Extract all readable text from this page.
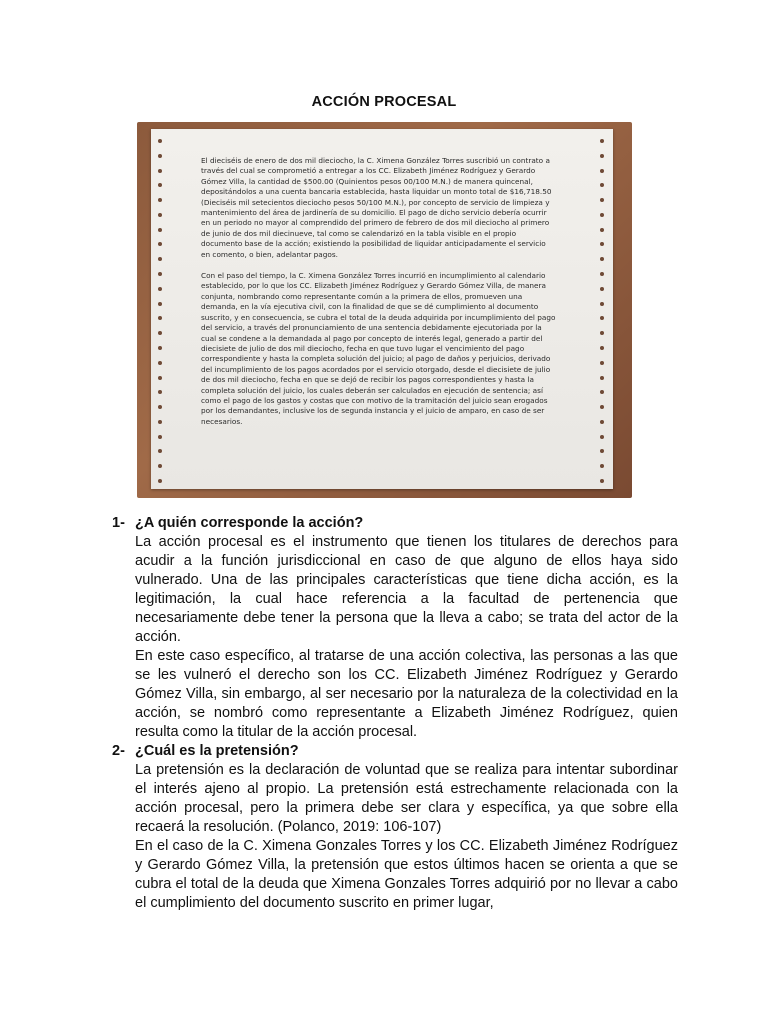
ACCIÓN PROCESAL

El dieciséis de enero de dos mil dieciocho, la C. Ximena González Torres suscribió un contrato a través del cual se comprometió a entregar a los CC. Elizabeth Jiménez Rodríguez y Gerardo Gómez Villa, la cantidad de $500.00 (Quinientos pesos 00/100 M.N.) de manera quincenal, depositándolos a una cuenta bancaria establecida, hasta liquidar un monto total de $16,718.50 (Dieciséis mil setecientos dieciocho pesos 50/100 M.N.), por concepto de servicio de limpieza y mantenimiento del área de jardinería de su domicilio. El pago de dicho servicio debería ocurrir en un periodo no mayor al comprendido del primero de febrero de dos mil dieciocho al primero de junio de dos mil diecinueve, tal como se calendarizó en la tabla visible en el propio documento base de la acción; existiendo la posibilidad de liquidar anticipadamente el servicio en comento, o bien, adelantar pagos.

Con el paso del tiempo, la C. Ximena González Torres incurrió en incumplimiento al calendario establecido, por lo que los CC. Elizabeth Jiménez Rodríguez y Gerardo Gómez Villa, de manera conjunta, nombrando como representante común a la primera de ellos, promueven una demanda, en la vía ejecutiva civil, con la finalidad de que se dé cumplimiento al documento suscrito, y en consecuencia, se cubra el total de la deuda adquirida por incumplimiento del pago del servicio, a través del pronunciamiento de una sentencia debidamente ejecutoriada por la cual se condene a la demandada al pago por concepto de interés legal, generado a partir del diecisiete de julio de dos mil dieciocho, fecha en que tuvo lugar el vencimiento del pago correspondiente y hasta la completa solución del juicio; al pago de daños y perjuicios, derivado del incumplimiento de los pagos acordados por el servicio otorgado, desde el diecisiete de julio de dos mil dieciocho, fecha en que se dejó de recibir los pagos correspondientes y hasta la completa solución del juicio, los cuales deberán ser calculados en ejecución de sentencia; así como el pago de los gastos y costas que con motivo de la tramitación del juicio sean erogados por los demandantes, inclusive los de segunda instancia y el juicio de amparo, en caso de ser necesarios.

1- ¿A quién corresponde la acción?

La acción procesal es el instrumento que tienen los titulares de derechos para acudir a la función jurisdiccional en caso de que alguno de ellos haya sido vulnerado. Una de las principales características que tiene dicha acción, es la legitimación, la cual hace referencia a la facultad de pertenencia que necesariamente debe tener la persona que la lleva a cabo; se trata del actor de la acción.

En este caso específico, al tratarse de una acción colectiva, las personas a las que se les vulneró el derecho son los CC. Elizabeth Jiménez Rodríguez y Gerardo Gómez Villa, sin embargo, al ser necesario por la naturaleza de la colectividad en la acción, se nombró como representante a Elizabeth Jiménez Rodríguez, quien resulta como la titular de la acción procesal.

2- ¿Cuál es la pretensión?

La pretensión es la declaración de voluntad que se realiza para intentar subordinar el interés ajeno al propio. La pretensión está estrechamente relacionada con la acción procesal, pero la primera debe ser clara y específica, ya que sobre ella recaerá la resolución. (Polanco, 2019: 106-107)

En el caso de la C. Ximena Gonzales Torres y los CC. Elizabeth Jiménez Rodríguez y Gerardo Gómez Villa, la pretensión que estos últimos hacen se orienta a que se cubra el total de la deuda que Ximena Gonzales Torres adquirió por no llevar a cabo el cumplimiento del documento suscrito en primer lugar,
